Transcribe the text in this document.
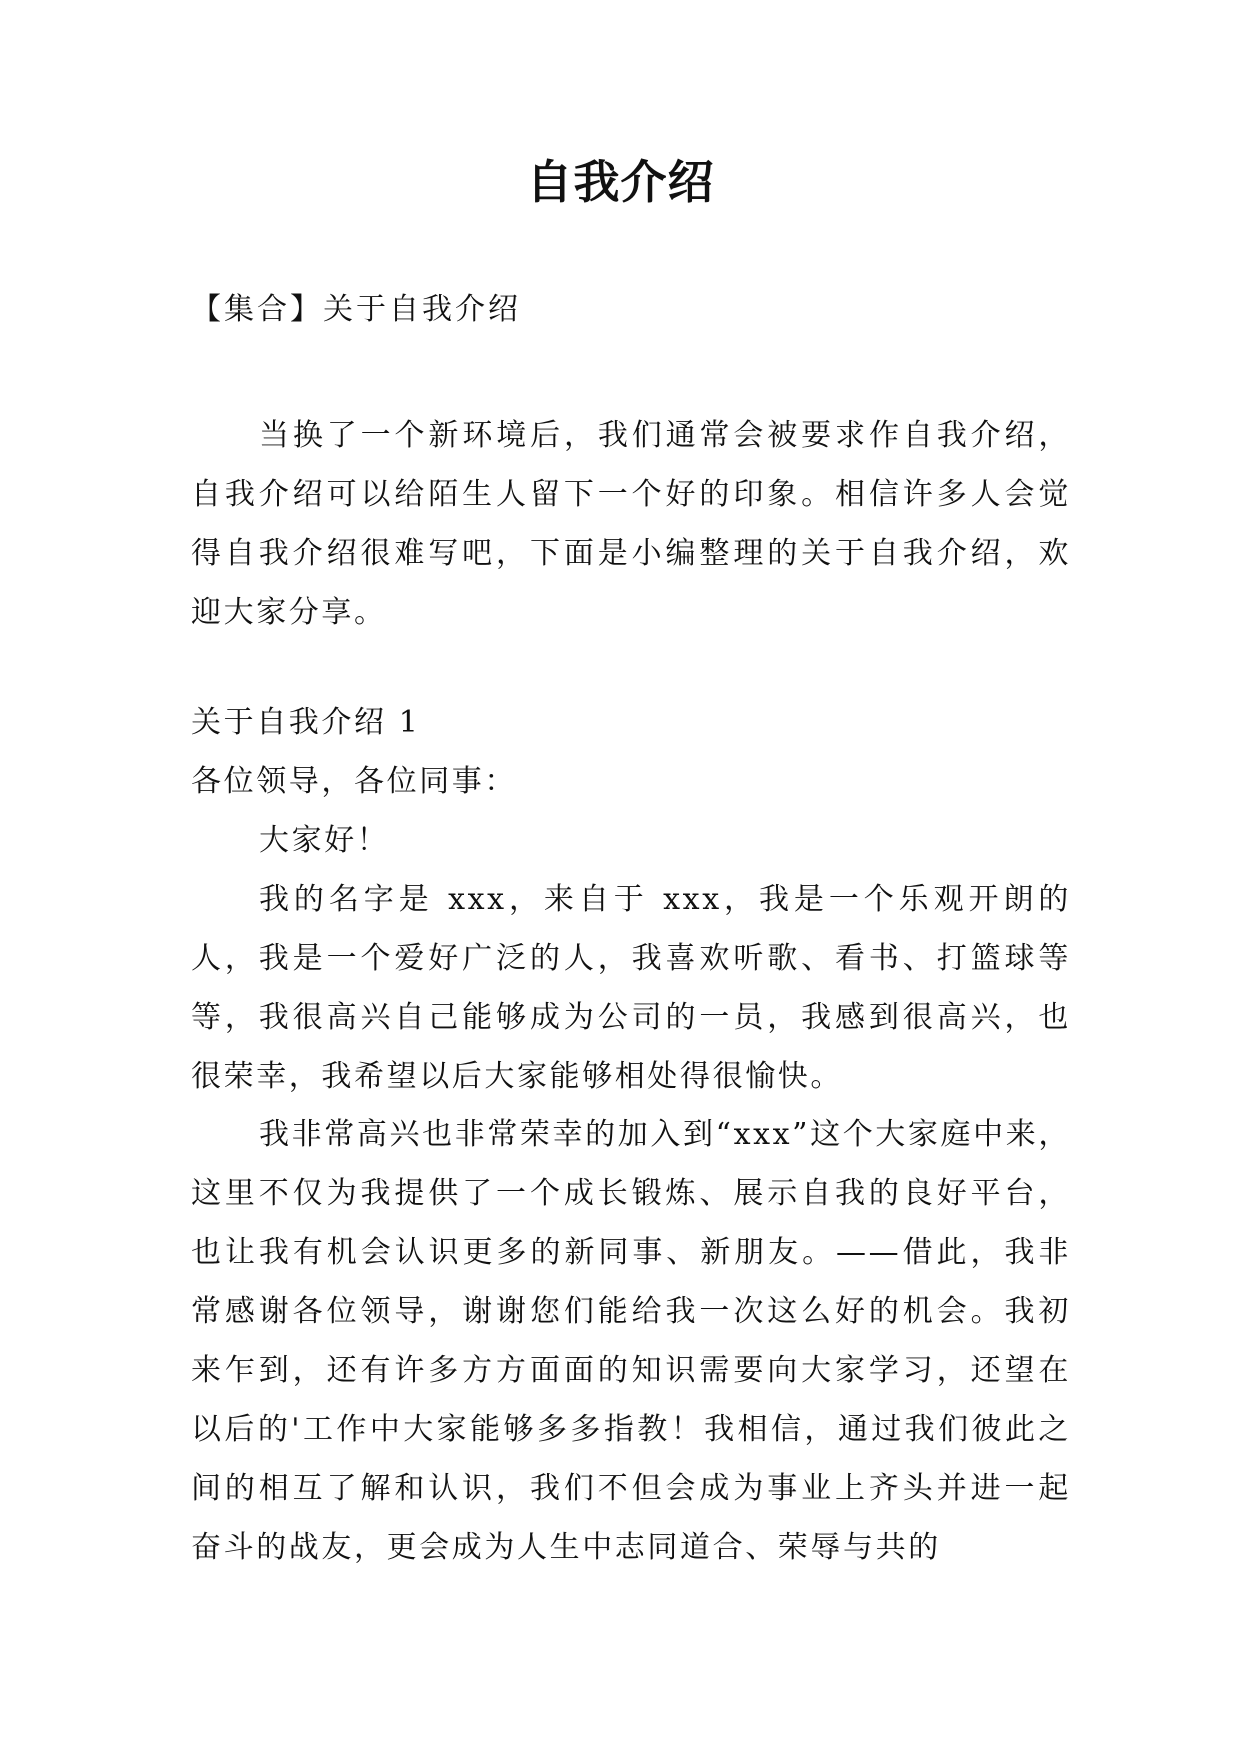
自我介绍
【集合】关于自我介绍

当换了一个新环境后，我们通常会被要求作自我介绍，自我介绍可以给陌生人留下一个好的印象。相信许多人会觉得自我介绍很难写吧，下面是小编整理的关于自我介绍，欢迎大家分享。

关于自我介绍 1

各位领导，各位同事：

大家好！

我的名字是 xxx，来自于 xxx，我是一个乐观开朗的人，我是一个爱好广泛的人，我喜欢听歌、看书、打篮球等等，我很高兴自己能够成为公司的一员，我感到很高兴，也很荣幸，我希望以后大家能够相处得很愉快。

我非常高兴也非常荣幸的加入到“xxx”这个大家庭中来，这里不仅为我提供了一个成长锻炼、展示自我的良好平台，也让我有机会认识更多的新同事、新朋友。——借此，我非常感谢各位领导，谢谢您们能给我一次这么好的机会。我初来乍到，还有许多方方面面的知识需要向大家学习，还望在以后的'工作中大家能够多多指教！我相信，通过我们彼此之间的相互了解和认识，我们不但会成为事业上齐头并进一起奋斗的战友，更会成为人生中志同道合、荣辱与共的
